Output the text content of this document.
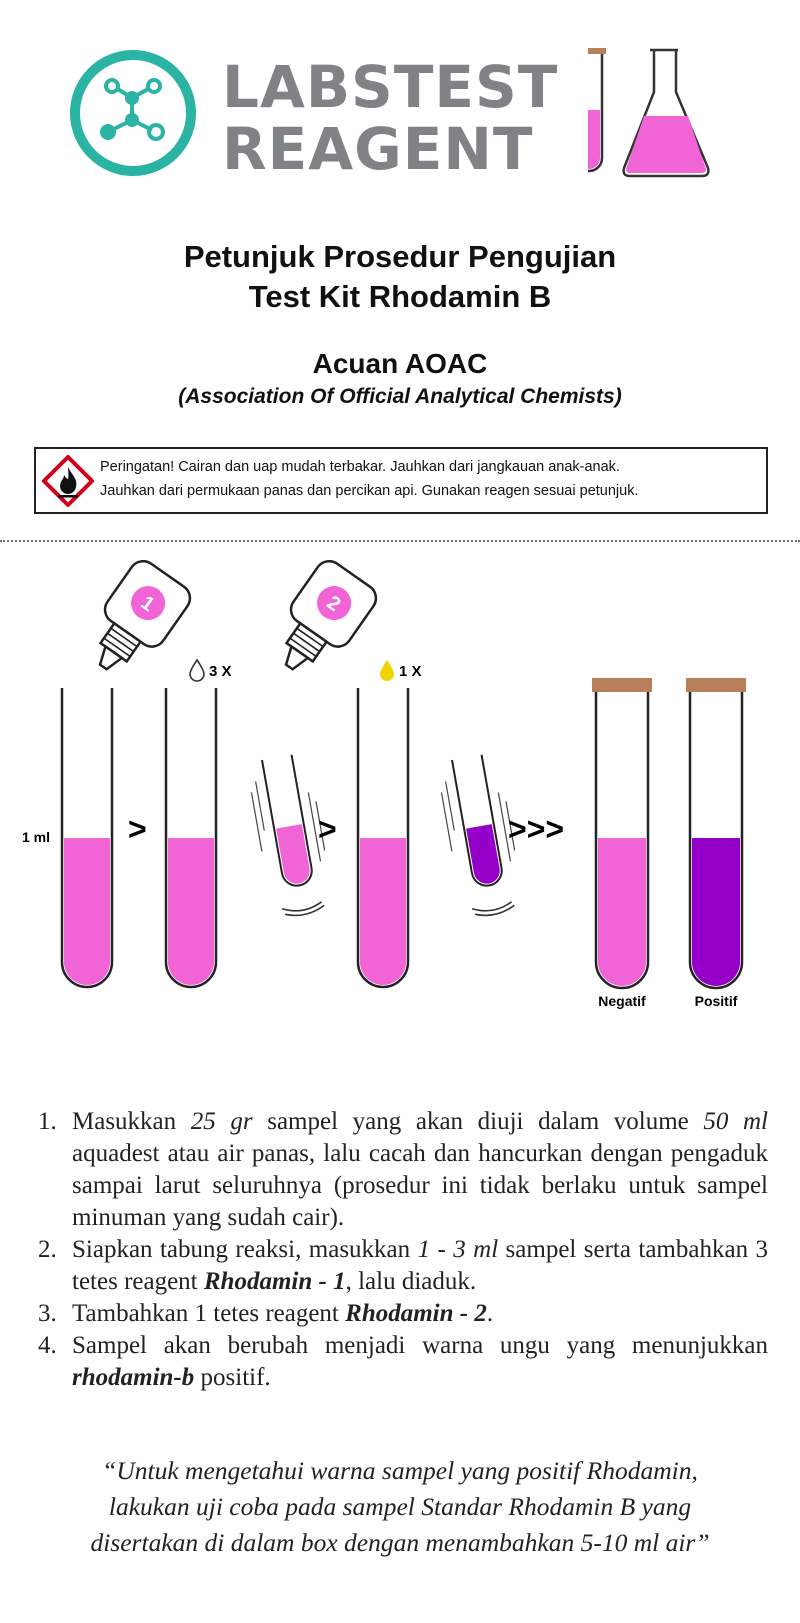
LABSTEST
REAGENT
Petunjuk Prosedur Pengujian
Test Kit Rhodamin B
Acuan AOAC
(Association Of Official Analytical Chemists)
Peringatan! Cairan dan uap mudah terbakar. Jauhkan dari jangkauan anak-anak.
Jauhkan dari permukaan panas dan percikan api. Gunakan reagen sesuai petunjuk.
1	2
3 X	1 X
1 ml >	>	>>>
Negatif	Positif
1. Masukkan 25 gr sampel yang akan diuji dalam volume 50 ml aquadest atau air panas, lalu cacah dan hancurkan dengan pengaduk sampai larut seluruhnya (prosedur ini tidak berlaku untuk sampel minuman yang sudah cair).
2. Siapkan tabung reaksi, masukkan 1 - 3 ml sampel serta tambahkan 3 tetes reagent Rhodamin - 1, lalu diaduk.
3. Tambahkan 1 tetes reagent Rhodamin - 2.
4. Sampel akan berubah menjadi warna ungu yang menunjukkan rhodamin-b positif.
“Untuk mengetahui warna sampel yang positif Rhodamin,
lakukan uji coba pada sampel Standar Rhodamin B yang
disertakan di dalam box dengan menambahkan 5-10 ml air”
